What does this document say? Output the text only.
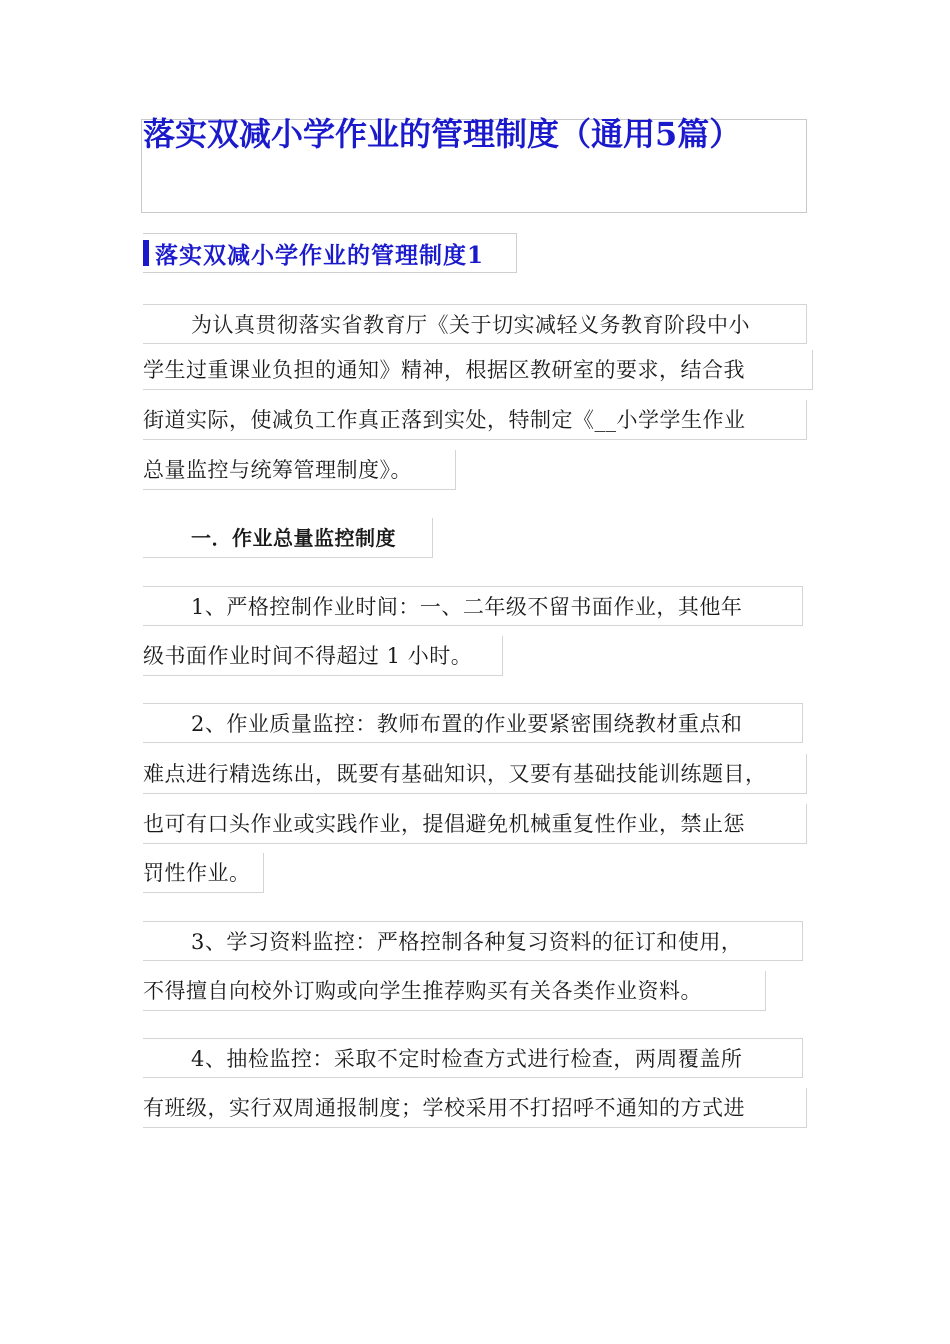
落实双减小学作业的管理制度（通用5篇）
落实双减小学作业的管理制度1
为认真贯彻落实省教育厅《关于切实减轻义务教育阶段中小
学生过重课业负担的通知》精神，根据区教研室的要求，结合我
街道实际，使减负工作真正落到实处，特制定《__小学学生作业
总量监控与统筹管理制度》。
一．作业总量监控制度
1、严格控制作业时间：一、二年级不留书面作业，其他年
级书面作业时间不得超过 1 小时。
2、作业质量监控：教师布置的作业要紧密围绕教材重点和
难点进行精选练出，既要有基础知识，又要有基础技能训练题目，
也可有口头作业或实践作业，提倡避免机械重复性作业，禁止惩
罚性作业。
3、学习资料监控：严格控制各种复习资料的征订和使用，
不得擅自向校外订购或向学生推荐购买有关各类作业资料。
4、抽检监控：采取不定时检查方式进行检查，两周覆盖所
有班级，实行双周通报制度；学校采用不打招呼不通知的方式进
